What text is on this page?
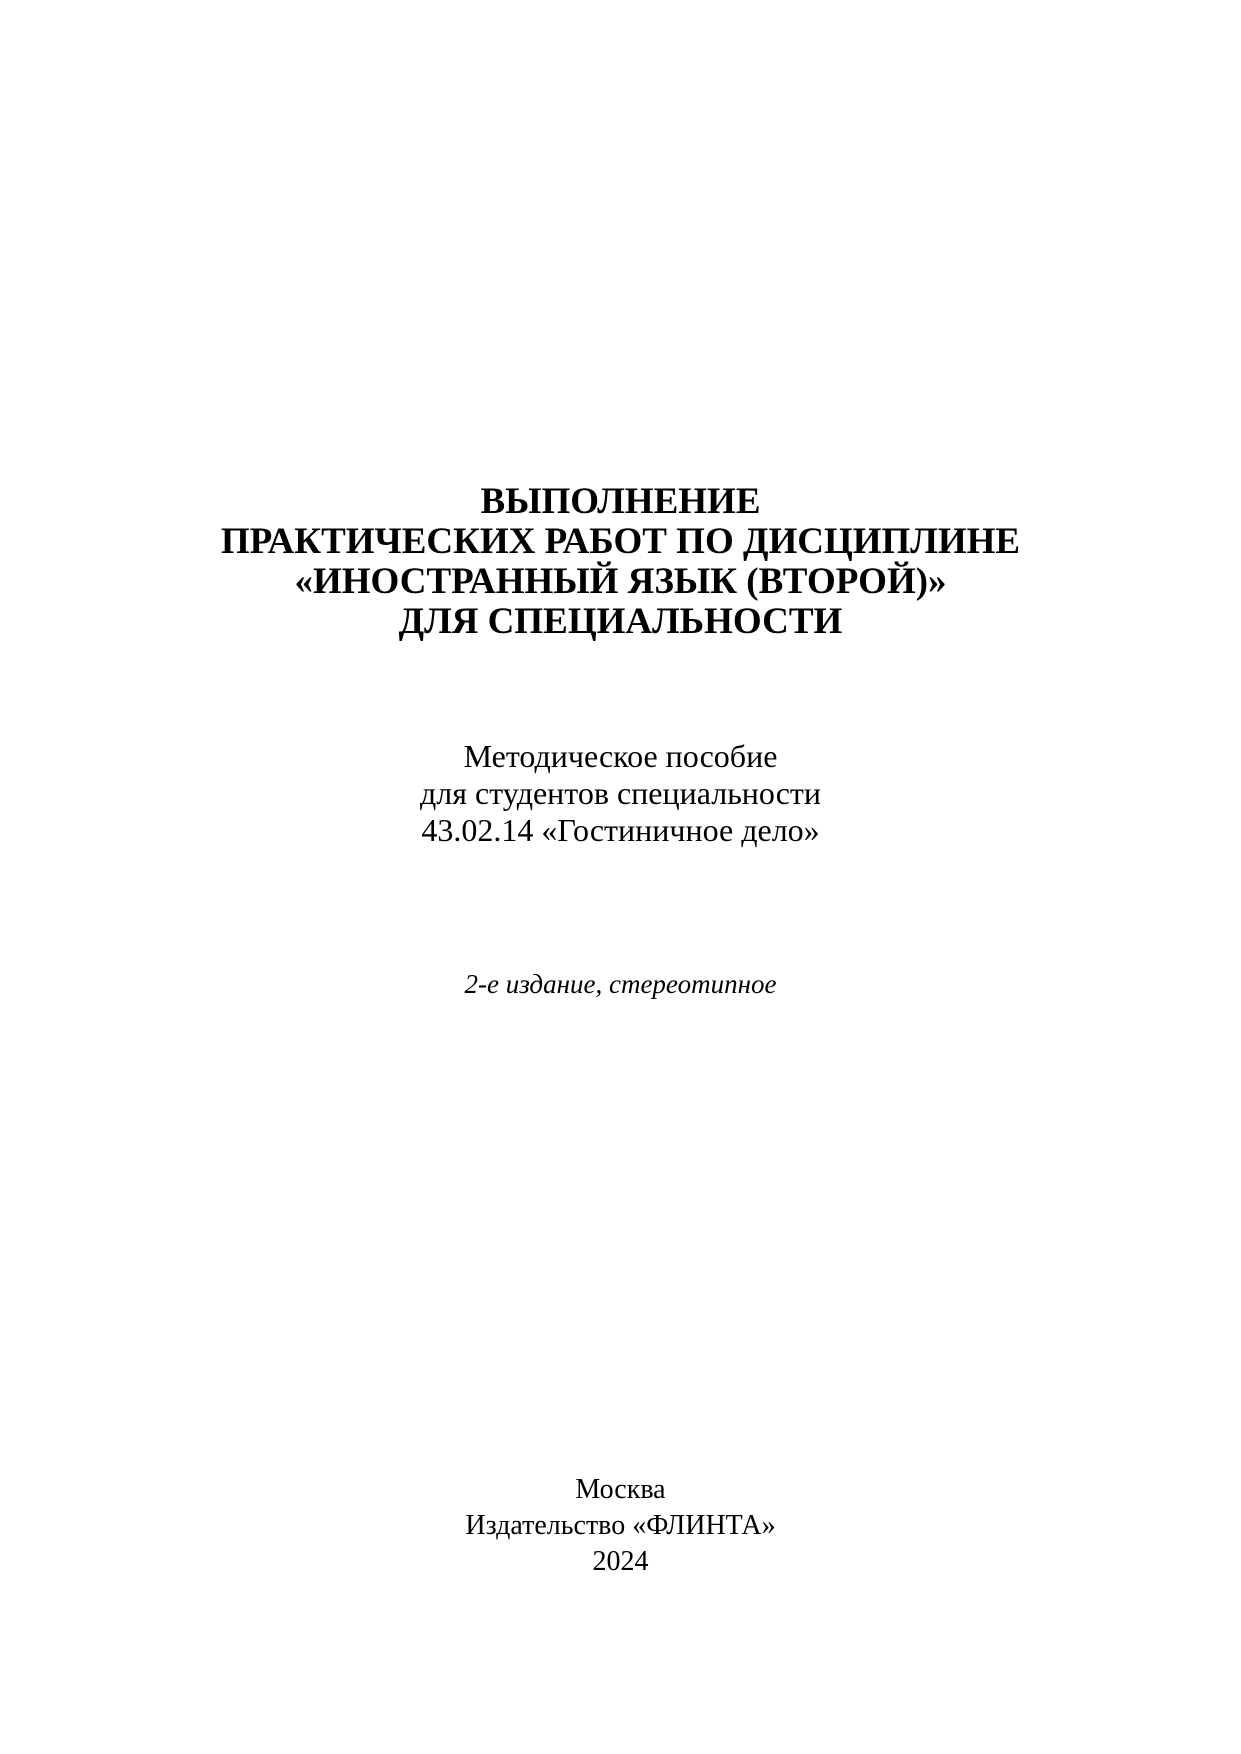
ВЫПОЛНЕНИЕ
ПРАКТИЧЕСКИХ РАБОТ ПО ДИСЦИПЛИНЕ
«ИНОСТРАННЫЙ ЯЗЫК (ВТОРОЙ)»
ДЛЯ СПЕЦИАЛЬНОСТИ
Методическое пособие
для студентов специальности
43.02.14 «Гостиничное дело»
2-е издание, стереотипное
Москва
Издательство «ФЛИНТА»
2024
